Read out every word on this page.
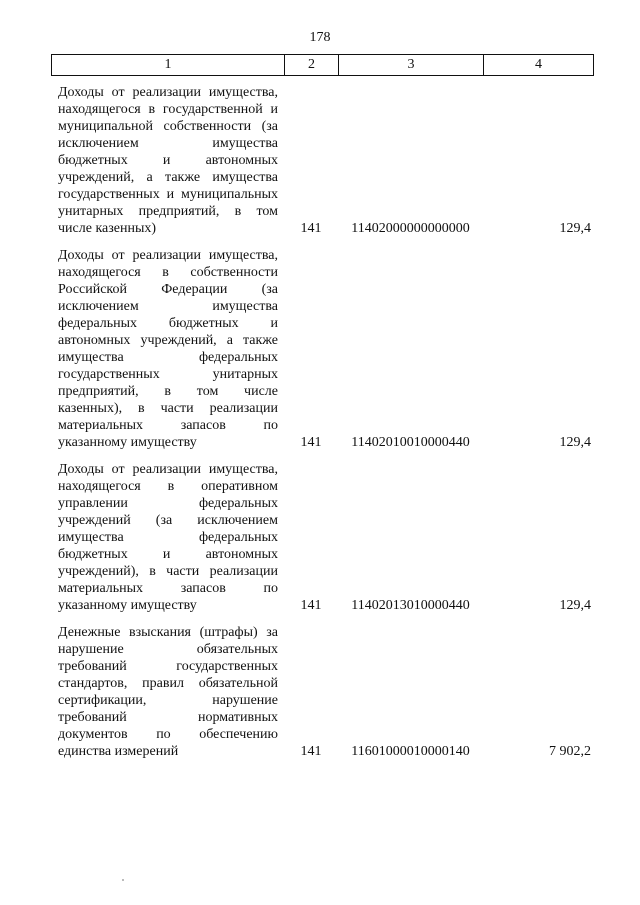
178
1	2	3	4
Доходы от реализации имущества, находящегося в государственной и муниципальной собственности (за исключением имущества бюджетных и автономных учреждений, а также имущества государственных и муниципальных унитарных предприятий, в том числе казенных)	141	11402000000000000	129,4
Доходы от реализации имущества, находящегося в собственности Российской Федерации (за исключением имущества федеральных бюджетных и автономных учреждений, а также имущества федеральных государственных унитарных предприятий, в том числе казенных), в части реализации материальных запасов по указанному имуществу	141	11402010010000440	129,4
Доходы от реализации имущества, находящегося в оперативном управлении федеральных учреждений (за исключением имущества федеральных бюджетных и автономных учреждений), в части реализации материальных запасов по указанному имуществу	141	11402013010000440	129,4
Денежные взыскания (штрафы) за нарушение обязательных требований государственных стандартов, правил обязательной сертификации, нарушение требований нормативных документов по обеспечению единства измерений	141	11601000010000140	7 902,2
